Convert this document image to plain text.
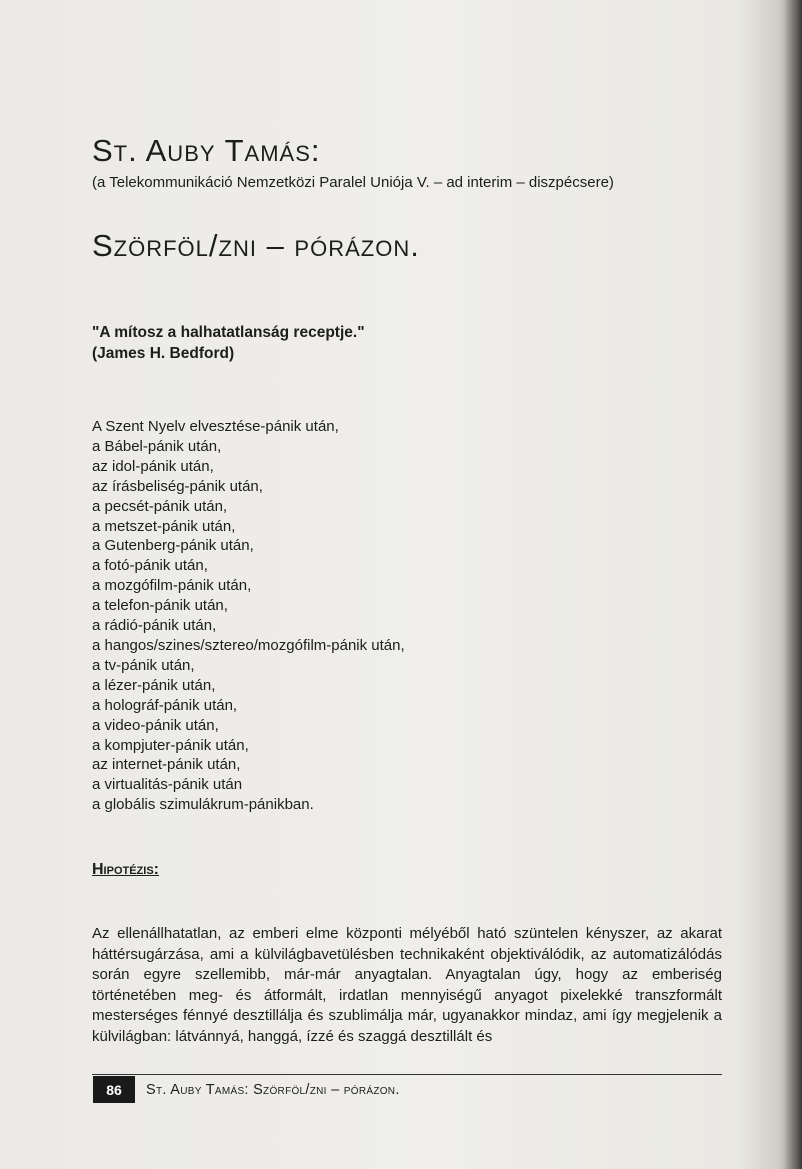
St. Auby Tamás:
(a Telekommunikáció Nemzetközi Paralel Uniója V. – ad interim – diszpécsere)
Szörföl/zni – pórázon.
"A mítosz a halhatatlanság receptje."
(James H. Bedford)
A Szent Nyelv elvesztése-pánik után,
a Bábel-pánik után,
az idol-pánik után,
az írásbeliség-pánik után,
a pecsét-pánik után,
a metszet-pánik után,
a Gutenberg-pánik után,
a fotó-pánik után,
a mozgófilm-pánik után,
a telefon-pánik után,
a rádió-pánik után,
a hangos/szines/sztereo/mozgófilm-pánik után,
a tv-pánik után,
a lézer-pánik után,
a holográf-pánik után,
a video-pánik után,
a kompjuter-pánik után,
az internet-pánik után,
a virtualitás-pánik után
a globális szimulákrum-pánikban.
Hipotézis:

Az ellenállhatatlan, az emberi elme központi mélyéből ható szüntelen kényszer, az akarat háttérsugárzása, ami a külvilágbavetülésben technikaként objektiválódik, az automatizálódás során egyre szellemibb, már-már anyagtalan. Anyagtalan úgy, hogy az emberiség történetében meg- és átformált, irdatlan mennyiségű anyagot pixelekké transzformált mesterséges fénnyé desztillálja és szublimálja már, ugyanakkor mindaz, ami így megjelenik a külvilágban: látvánnyá, hanggá, ízzé és szaggá desztillált és

86	St. Auby Tamás: Szörföl/zni – pórázon.
